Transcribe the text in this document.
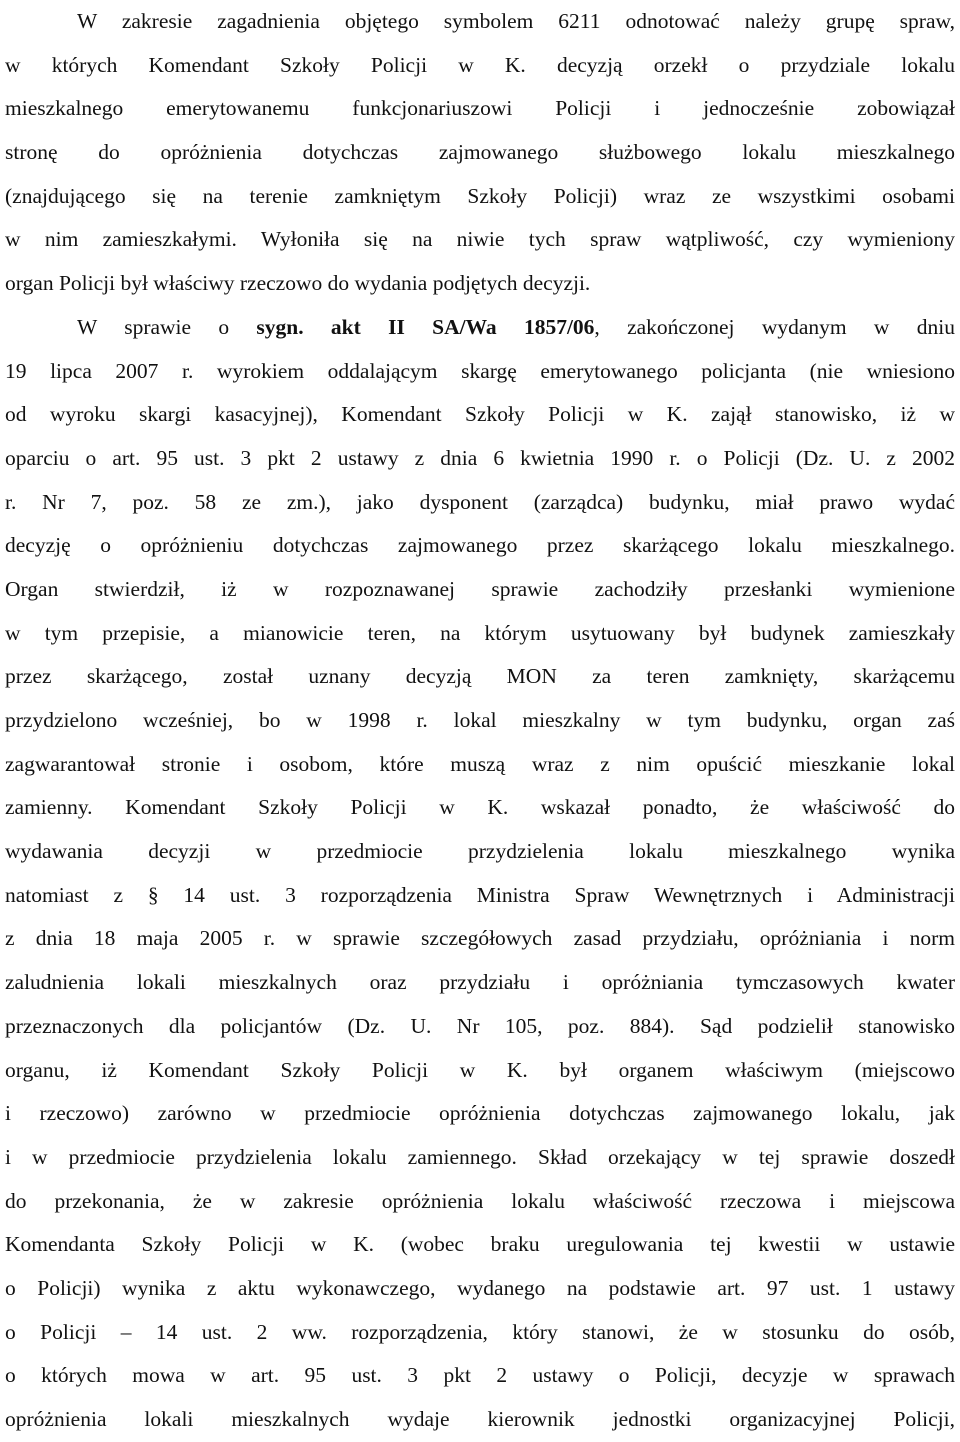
W zakresie zagadnienia objętego symbolem 6211 odnotować należy grupę spraw,
w których Komendant Szkoły Policji w K. decyzją orzekł o przydziale lokalu
mieszkalnego emerytowanemu funkcjonariuszowi Policji i jednocześnie zobowiązał
stronę do opróżnienia dotychczas zajmowanego służbowego lokalu mieszkalnego
(znajdującego się na terenie zamkniętym Szkoły Policji) wraz ze wszystkimi osobami
w nim zamieszkałymi. Wyłoniła się na niwie tych spraw wątpliwość, czy wymieniony
organ Policji był właściwy rzeczowo do wydania podjętych decyzji.
W sprawie o sygn. akt II SA/Wa 1857/06, zakończonej wydanym w dniu
19 lipca 2007 r. wyrokiem oddalającym skargę emerytowanego policjanta (nie wniesiono
od wyroku skargi kasacyjnej), Komendant Szkoły Policji w K. zajął stanowisko, iż w
oparciu o art. 95 ust. 3 pkt 2 ustawy z dnia 6 kwietnia 1990 r. o Policji (Dz. U. z 2002
r. Nr 7, poz. 58 ze zm.), jako dysponent (zarządca) budynku, miał prawo wydać
decyzję o opróżnieniu dotychczas zajmowanego przez skarżącego lokalu mieszkalnego.
Organ stwierdził, iż w rozpoznawanej sprawie zachodziły przesłanki wymienione
w tym przepisie, a mianowicie teren, na którym usytuowany był budynek zamieszkały
przez skarżącego, został uznany decyzją MON za teren zamknięty, skarżącemu
przydzielono wcześniej, bo w 1998 r. lokal mieszkalny w tym budynku, organ zaś
zagwarantował stronie i osobom, które muszą wraz z nim opuścić mieszkanie lokal
zamienny. Komendant Szkoły Policji w K. wskazał ponadto, że właściwość do
wydawania decyzji w przedmiocie przydzielenia lokalu mieszkalnego wynika
natomiast z § 14 ust. 3 rozporządzenia Ministra Spraw Wewnętrznych i Administracji
z dnia 18 maja 2005 r. w sprawie szczegółowych zasad przydziału, opróżniania i norm
zaludnienia lokali mieszkalnych oraz przydziału i opróżniania tymczasowych kwater
przeznaczonych dla policjantów (Dz. U. Nr 105, poz. 884). Sąd podzielił stanowisko
organu, iż Komendant Szkoły Policji w K. był organem właściwym (miejscowo
i rzeczowo) zarówno w przedmiocie opróżnienia dotychczas zajmowanego lokalu, jak
i w przedmiocie przydzielenia lokalu zamiennego. Skład orzekający w tej sprawie doszedł
do przekonania, że w zakresie opróżnienia lokalu właściwość rzeczowa i miejscowa
Komendanta Szkoły Policji w K. (wobec braku uregulowania tej kwestii w ustawie
o Policji) wynika z aktu wykonawczego, wydanego na podstawie art. 97 ust. 1 ustawy
o Policji – 14 ust. 2 ww. rozporządzenia, który stanowi, że w stosunku do osób,
o których mowa w art. 95 ust. 3 pkt 2 ustawy o Policji, decyzje w sprawach
opróżnienia lokali mieszkalnych wydaje kierownik jednostki organizacyjnej Policji,
